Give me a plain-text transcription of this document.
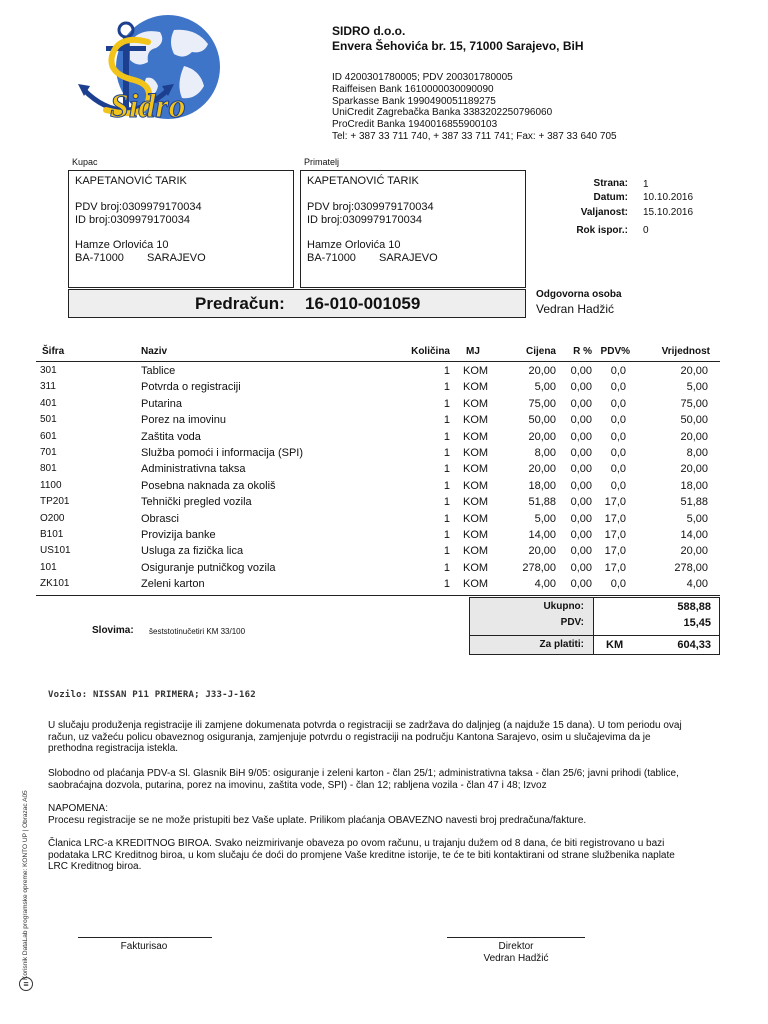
Sidro
SIDRO d.o.o.
Envera Šehovića br. 15, 71000 Sarajevo, BiH
ID 4200301780005; PDV 200301780005
Raiffeisen Bank 1610000030090090
Sparkasse Bank 1990490051189275
UniCredit Zagrebačka Banka 3383202250796060
ProCredit Banka 1940016855900103
Tel: + 387 33 711 740, + 387 33 711 741; Fax: + 387 33 640 705
Kupac
KAPETANOVIĆ TARIK
PDV broj:0309979170034
ID broj:0309979170034
Hamze Orlovića 10
BA-71000 SARAJEVO
Primatelj
KAPETANOVIĆ TARIK
PDV broj:0309979170034
ID broj:0309979170034
Hamze Orlovića 10
BA-71000 SARAJEVO
Strana: 1
Datum: 10.10.2016
Valjanost: 15.10.2016
Rok ispor.: 0
Odgovorna osoba
Vedran Hadžić
Predračun: 16-010-001059
Šifra	Naziv	Količina MJ	Cijena R % PDV%	Vrijednost
301	Tablice	1 KOM	20,00 0,00 0,0	20,00
311	Potvrda o registraciji	1 KOM	5,00 0,00 0,0	5,00
401	Putarina	1 KOM	75,00 0,00 0,0	75,00
501	Porez na imovinu	1 KOM	50,00 0,00 0,0	50,00
601	Zaštita voda	1 KOM	20,00 0,00 0,0	20,00
701	Služba pomoći i informacija (SPI)	1 KOM	8,00 0,00 0,0	8,00
801	Administrativna taksa	1 KOM	20,00 0,00 0,0	20,00
1100	Posebna naknada za okoliš	1 KOM	18,00 0,00 0,0	18,00
TP201	Tehnički pregled vozila	1 KOM	51,88 0,00 17,0	51,88
O200	Obrasci	1 KOM	5,00 0,00 17,0	5,00
B101	Provizija banke	1 KOM	14,00 0,00 17,0	14,00
US101	Usluga za fizička lica	1 KOM	20,00 0,00 17,0	20,00
101	Osiguranje putničkog vozila	1 KOM	278,00 0,00 17,0	278,00
ZK101	Zeleni karton	1 KOM	4,00 0,00 0,0	4,00
Ukupno:	588,88
PDV:	15,45
Za platiti: KM	604,33
Slovima: šeststotinučetiri KM 33/100
Vozilo: NISSAN P11 PRIMERA; J33-J-162
U slučaju produženja registracije ili zamjene dokumenata potvrda o registraciji se zadržava do daljnjeg (a najduže 15 dana). U tom periodu ovaj račun, uz važeću policu obaveznog osiguranja, zamjenjuje potvrdu o registraciji na području Kantona Sarajevo, osim u slučajevima da je prethodna registracija istekla.
Slobodno od plaćanja PDV-a Sl. Glasnik BiH 9/05: osiguranje i zeleni karton - član 25/1; administrativna taksa - član 25/6; javni prihodi (tablice, saobraćajna dozvola, putarina, porez na imovinu, zaštita vode, SPI) - član 12; rabljena vozila - član 47 i 48; Izvoz
NAPOMENA:
Procesu registracije se ne može pristupiti bez Vaše uplate. Prilikom plaćanja OBAVEZNO navesti broj predračuna/fakture.
Članica LRC-a KREDITNOG BIROA. Svako neizmirivanje obaveza po ovom računu, u trajanju dužem od 8 dana, će biti registrovano u bazi podataka LRC Kreditnog biroa, u kom slučaju će doći do promjene Vaše kreditne istorije, te će te biti kontaktirani od strane službenika naplate LRC Kreditnog biroa.
Fakturisao	Direktor
Vedran Hadžić
Korisnik DataLab programske opreme: KONTO UP | Obrazac A05
≡
